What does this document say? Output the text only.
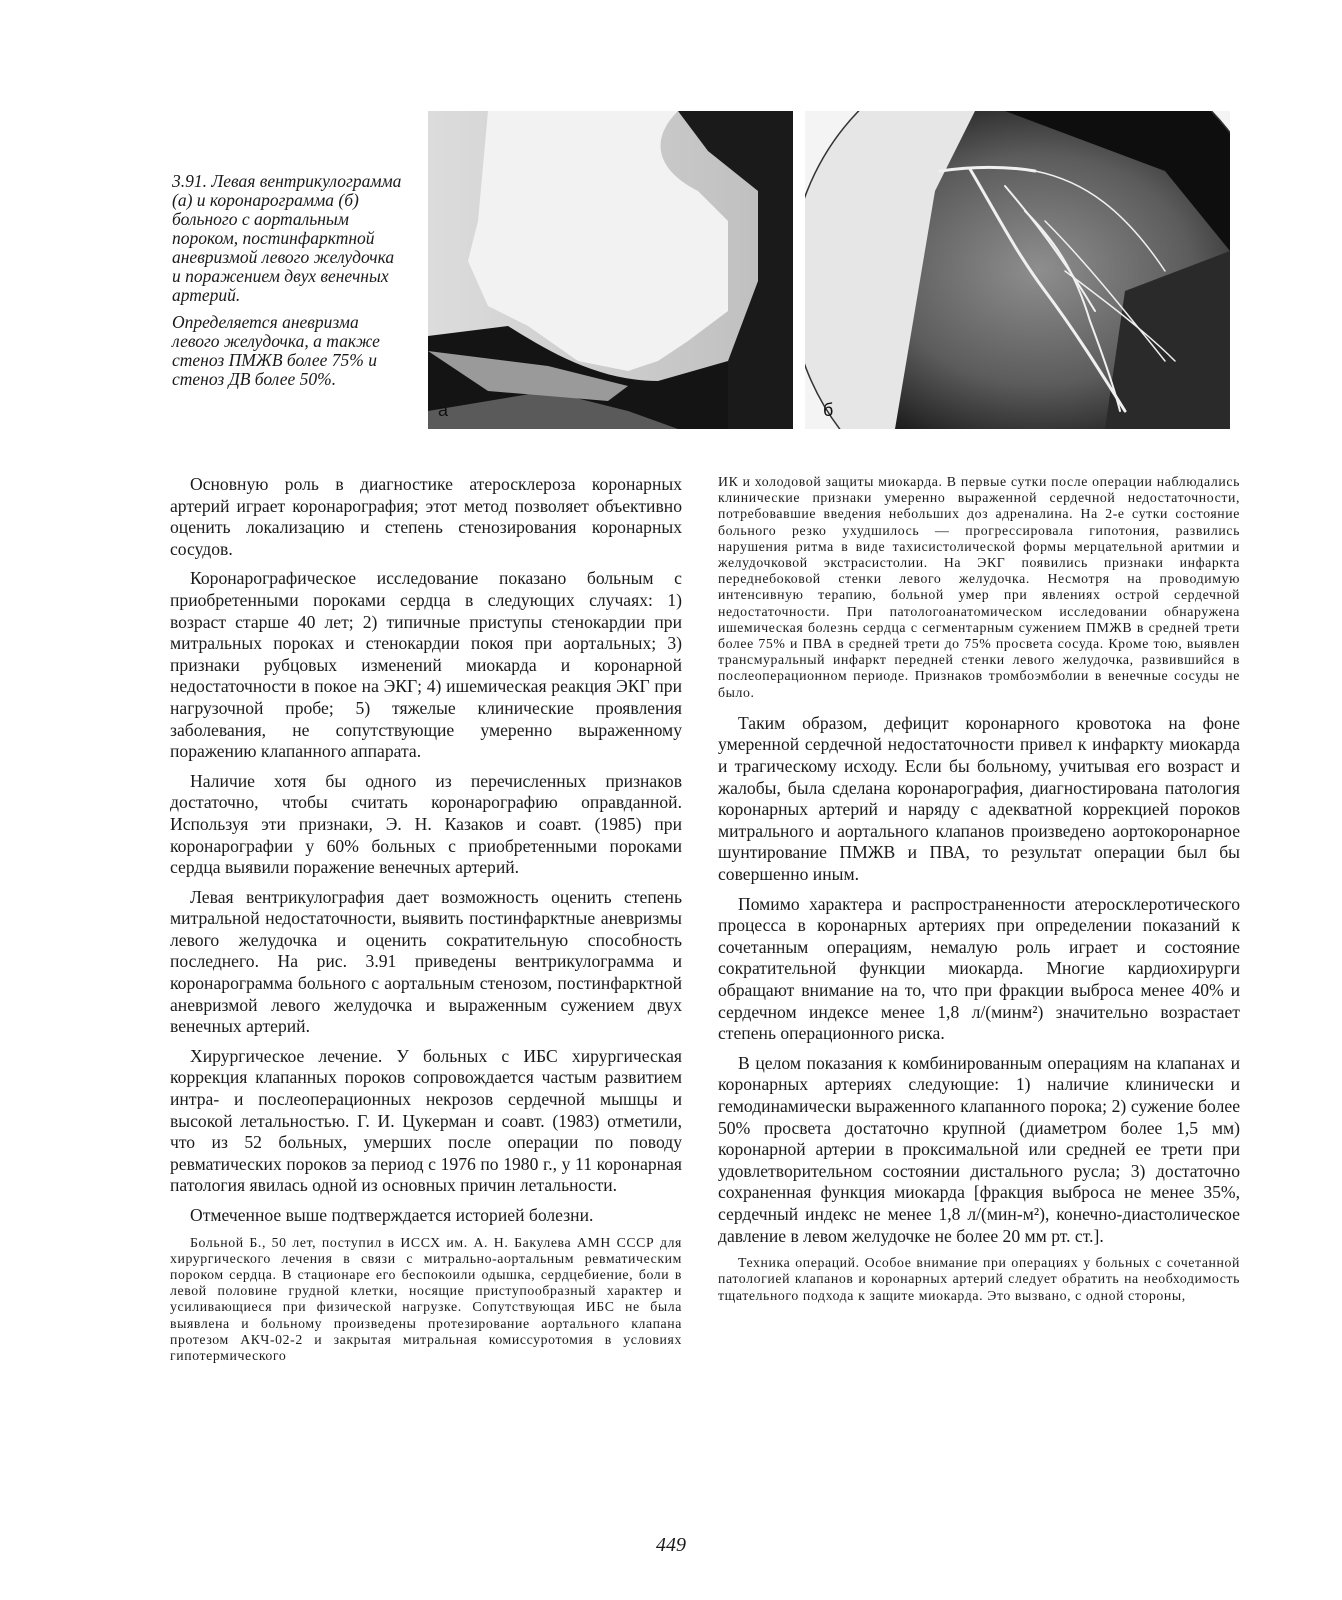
3.91. Левая вентрикулограмма (а) и коронарограмма (б) больного с аортальным пороком, постинфарктной аневризмой левого желудочка и поражением двух венечных артерий.

Определяется аневризма левого желудочка, а также стеноз ПМЖВ более 75% и стеноз ДВ более 50%.

а	б

Основную роль в диагностике атеросклероза коронарных артерий играет коронарография; этот метод позволяет объективно оценить локализацию и степень стенозирования коронарных сосудов.

Коронарографическое исследование показано больным с приобретенными пороками сердца в следующих случаях: 1) возраст старше 40 лет; 2) типичные приступы стенокардии при митральных пороках и стенокардии покоя при аортальных; 3) признаки рубцовых изменений миокарда и коронарной недостаточности в покое на ЭКГ; 4) ишемическая реакция ЭКГ при нагрузочной пробе; 5) тяжелые клинические проявления заболевания, не сопутствующие умеренно выраженному поражению клапанного аппарата.

Наличие хотя бы одного из перечисленных признаков достаточно, чтобы считать коронарографию оправданной. Используя эти признаки, Э. Н. Казаков и соавт. (1985) при коронарографии у 60% больных с приобретенными пороками сердца выявили поражение венечных артерий.

Левая вентрикулография дает возможность оценить степень митральной недостаточности, выявить постинфарктные аневризмы левого желудочка и оценить сократительную способность последнего. На рис. 3.91 приведены вентрикулограмма и коронарограмма больного с аортальным стенозом, постинфарктной аневризмой левого желудочка и выраженным сужением двух венечных артерий.

Хирургическое лечение. У больных с ИБС хирургическая коррекция клапанных пороков сопровождается частым развитием интра- и послеоперационных некрозов сердечной мышцы и высокой летальностью. Г. И. Цукерман и соавт. (1983) отметили, что из 52 больных, умерших после операции по поводу ревматических пороков за период с 1976 по 1980 г., у 11 коронарная патология явилась одной из основных причин летальности.

Отмеченное выше подтверждается историей болезни.

Больной Б., 50 лет, поступил в ИССХ им. А. Н. Бакулева АМН СССР для хирургического лечения в связи с митрально-аортальным ревматическим пороком сердца. В стационаре его беспокоили одышка, сердцебиение, боли в левой половине грудной клетки, носящие приступообразный характер и усиливающиеся при физической нагрузке. Сопутствующая ИБС не была выявлена и больному произведены протезирование аортального клапана протезом АКЧ-02-2 и закрытая митральная комиссуротомия в условиях гипотермического

ИК и холодовой защиты миокарда. В первые сутки после операции наблюдались клинические признаки умеренно выраженной сердечной недостаточности, потребовавшие введения небольших доз адреналина. На 2-е сутки состояние больного резко ухудшилось — прогрессировала гипотония, развились нарушения ритма в виде тахисистолической формы мерцательной аритмии и желудочковой экстрасистолии. На ЭКГ появились признаки инфаркта переднебоковой стенки левого желудочка. Несмотря на проводимую интенсивную терапию, больной умер при явлениях острой сердечной недостаточности. При патологоанатомическом исследовании обнаружена ишемическая болезнь сердца с сегментарным сужением ПМЖВ в средней трети более 75% и ПВА в средней трети до 75% просвета сосуда. Кроме тою, выявлен трансмуральный инфаркт передней стенки левого желудочка, развившийся в послеоперационном периоде. Признаков тромбоэмболии в венечные сосуды не было.

Таким образом, дефицит коронарного кровотока на фоне умеренной сердечной недостаточности привел к инфаркту миокарда и трагическому исходу. Если бы больному, учитывая его возраст и жалобы, была сделана коронарография, диагностирована патология коронарных артерий и наряду с адекватной коррекцией пороков митрального и аортального клапанов произведено аортокоронарное шунтирование ПМЖВ и ПВА, то результат операции был бы совершенно иным.

Помимо характера и распространенности атеросклеротического процесса в коронарных артериях при определении показаний к сочетанным операциям, немалую роль играет и состояние сократительной функции миокарда. Многие кардиохирурги обращают внимание на то, что при фракции выброса менее 40% и сердечном индексе менее 1,8 л/(минм²) значительно возрастает степень операционного риска.

В целом показания к комбинированным операциям на клапанах и коронарных артериях следующие: 1) наличие клинически и гемодинамически выраженного клапанного порока; 2) сужение более 50% просвета достаточно крупной (диаметром более 1,5 мм) коронарной артерии в проксимальной или средней ее трети при удовлетворительном состоянии дистального русла; 3) достаточно сохраненная функция миокарда [фракция выброса не менее 35%, сердечный индекс не менее 1,8 л/(мин-м²), конечно-диастолическое давление в левом желудочке не более 20 мм рт. ст.].

Техника операций. Особое внимание при операциях у больных с сочетанной патологией клапанов и коронарных артерий следует обратить на необходимость тщательного подхода к защите миокарда. Это вызвано, с одной стороны,

449
